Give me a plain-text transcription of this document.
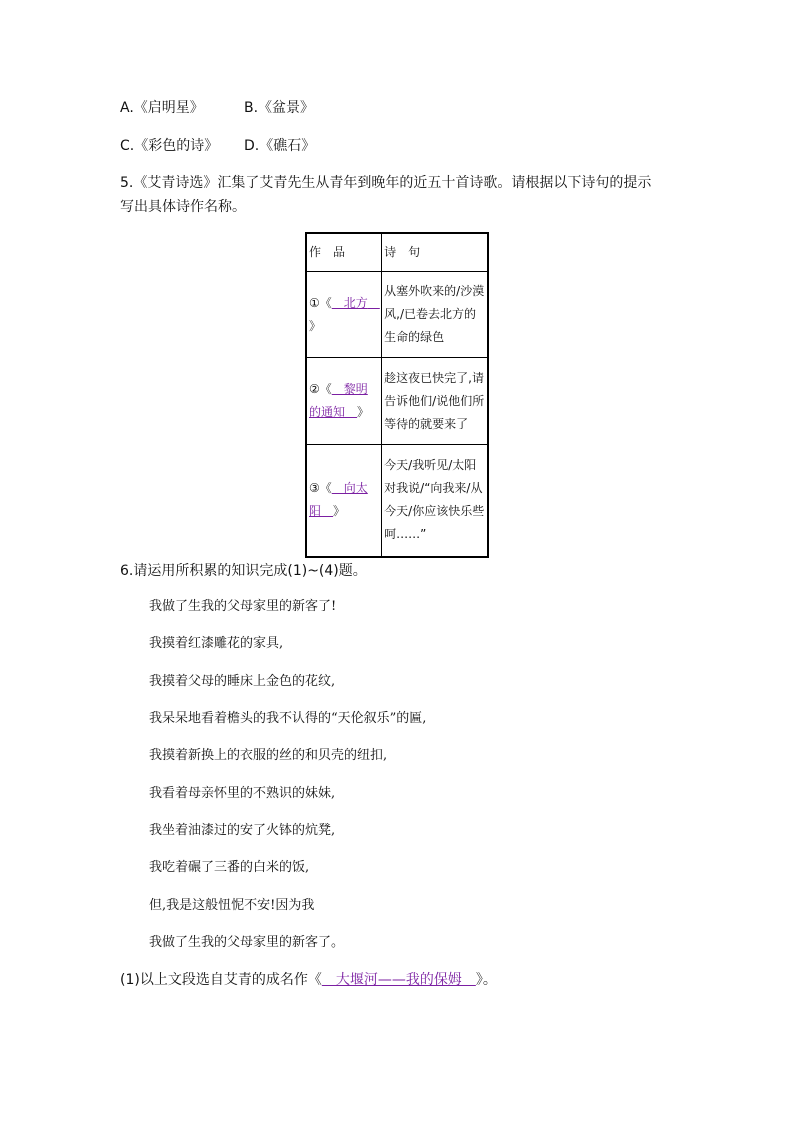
A.《启明星》	B.《盆景》
C.《彩色的诗》 D.《礁石》
5.《艾青诗选》汇集了艾青先生从青年到晚年的近五十首诗歌。请根据以下诗句的提示
写出具体诗作名称。
作　品	诗　句
①《　北方　》	从塞外吹来的/沙漠风,/已卷去北方的生命的绿色
②《　黎明的通知　》	趁这夜已快完了,请告诉他们/说他们所等待的就要来了
③《　向太阳　》	今天/我听见/太阳对我说/“向我来/从今天/你应该快乐些呵……”
6.请运用所积累的知识完成(1)~(4)题。
我做了生我的父母家里的新客了!
我摸着红漆雕花的家具,
我摸着父母的睡床上金色的花纹,
我呆呆地看着檐头的我不认得的“天伦叙乐”的匾,
我摸着新换上的衣服的丝的和贝壳的纽扣,
我看着母亲怀里的不熟识的妹妹,
我坐着油漆过的安了火钵的炕凳,
我吃着碾了三番的白米的饭,
但,我是这般忸怩不安!因为我
我做了生我的父母家里的新客了。
(1)以上文段选自艾青的成名作《　大堰河——我的保姆　》。
